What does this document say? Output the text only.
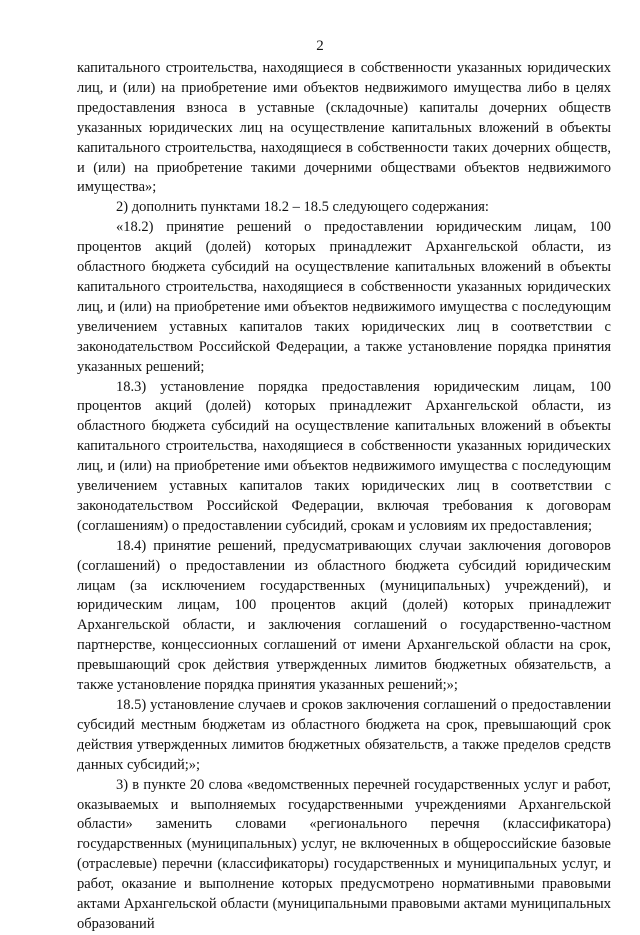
2

капитального строительства, находящиеся в собственности указанных юридических лиц, и (или) на приобретение ими объектов недвижимого имущества либо в целях предоставления взноса в уставные (складочные) капиталы дочерних обществ указанных юридических лиц на осуществление капитальных вложений в объекты капитального строительства, находящиеся в собственности таких дочерних обществ, и (или) на приобретение такими дочерними обществами объектов недвижимого имущества»;

2) дополнить пунктами 18.2 – 18.5 следующего содержания:

«18.2) принятие решений о предоставлении юридическим лицам, 100 процентов акций (долей) которых принадлежит Архангельской области, из областного бюджета субсидий на осуществление капитальных вложений в объекты капитального строительства, находящиеся в собственности указанных юридических лиц, и (или) на приобретение ими объектов недвижимого имущества с последующим увеличением уставных капиталов таких юридических лиц в соответствии с законодательством Российской Федерации, а также установление порядка принятия указанных решений;

18.3) установление порядка предоставления юридическим лицам, 100 процентов акций (долей) которых принадлежит Архангельской области, из областного бюджета субсидий на осуществление капитальных вложений в объекты капитального строительства, находящиеся в собственности указанных юридических лиц, и (или) на приобретение ими объектов недвижимого имущества с последующим увеличением уставных капиталов таких юридических лиц в соответствии с законодательством Российской Федерации, включая требования к договорам (соглашениям) о предоставлении субсидий, срокам и условиям их предоставления;

18.4) принятие решений, предусматривающих случаи заключения договоров (соглашений) о предоставлении из областного бюджета субсидий юридическим лицам (за исключением государственных (муниципальных) учреждений), и юридическим лицам, 100 процентов акций (долей) которых принадлежит Архангельской области, и заключения соглашений о государственно-частном партнерстве, концессионных соглашений от имени Архангельской области на срок, превышающий срок действия утвержденных лимитов бюджетных обязательств, а также установление порядка принятия указанных решений;»;

18.5) установление случаев и сроков заключения соглашений о предоставлении субсидий местным бюджетам из областного бюджета на срок, превышающий срок действия утвержденных лимитов бюджетных обязательств, а также пределов средств данных субсидий;»;

3) в пункте 20 слова «ведомственных перечней государственных услуг и работ, оказываемых и выполняемых государственными учреждениями Архангельской области» заменить словами «регионального перечня (классификатора) государственных (муниципальных) услуг, не включенных в общероссийские базовые (отраслевые) перечни (классификаторы) государственных и муниципальных услуг, и работ, оказание и выполнение которых предусмотрено нормативными правовыми актами Архангельской области (муниципальными правовыми актами муниципальных образований
